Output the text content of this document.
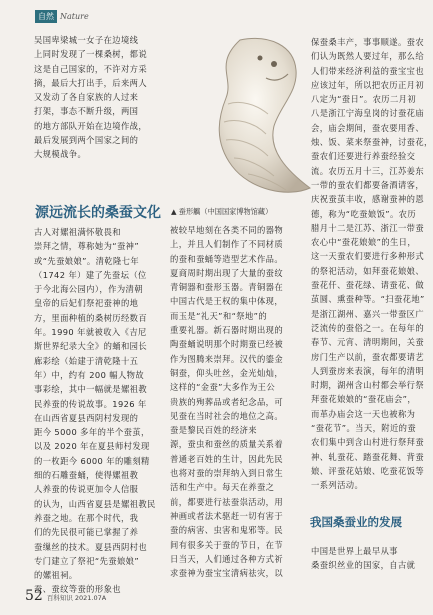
自然 Nature
吴国卑梁城一女子在边境线
上同时发现了一棵桑树，都说
这是自己国家的，不许对方采
摘，最后大打出手，后来两人
又发动了各自家族的人过来
打架，事态不断升级，两国
的地方部队开始在边境作战，
最后发展到两个国家之间的
大规模战争。
源远流长的桑蚕文化
古人对嫘祖满怀敬畏和
崇拜之情，尊称她为“蚕神”
或“先蚕娘娘”。清乾隆七年
（1742 年）建了先蚕坛（位
于今北海公园内），作为清朝
皇帝的后妃们祭祀蚕神的地
方，里面种植的桑树历经数百
年。1990 年就被收入《吉尼
斯世界纪录大全》的蛹和园长
廊彩绘（始建于清乾隆十五
年）中，约有 200 幅人物故
事彩绘，其中一幅就是嫘祖教
民养蚕的传说故事。1926 年
在山西省夏县西阴村发现的
距今 5000 多年的半个蚕茧，
以及 2020 年在夏县师村发现
的一枚距今 6000 年的雕刻精
细的石雕蚕蛹，使得嫘祖教
人养蚕的传说更加令人信服
的认为，山西省夏县是嫘祖教民
养蚕之地。在那个时代，我
们的先民很可能已掌握了养
蚕缫丝的技术。夏县西阴村也
专门建立了祭祀“先蚕娘娘”
的嫘祖祠。
蚕、蚕纹等蚕的形象也
▲ 蚕形觽（中国国家博物馆藏）
被较早地刻在各类不同的器物
上，并且人们制作了不同材质
的蚕和蚕蛹等造型艺术作品。
夏商周时期出现了大量的蚕纹
青铜器和蚕形玉器。青铜器在
中国古代是王权的集中体现，
而玉是“礼天”和“祭地”的
重要礼器。新石器时期出现的
陶蚕蛹说明那个时期蚕已经被
作为图腾来崇拜。汉代的鎏金
铜蚕，仰头吐丝，金光灿灿，
这样的“金蚕”大多作为王公
贵族的殉葬品或者纪念品，可
见蚕在当时社会的地位之高。
蚕是黎民百姓的经济来
源，蚕虫和蚕丝的质量关系着
普通老百姓的生计，因此先民
也将对蚕的崇拜纳入到日常生
活和生产中。每天在养蚕之
前，都要进行祛蚕祟活动，用
神画或者法术驱赶一切有害于
蚕的病害、虫害和鬼邪等。民
间有很多关于蚕的节日，在节
日当天，人们通过各种方式祈
求蚕神为蚕宝宝清病祛灾，以
保蚕桑丰产，事事顺遂。蚕农
们认为既然人要过年，那么给
人们带来经济利益的蚕宝宝也
应该过年，所以把农历正月初
八定为“蚕日”。农历二月初
八是浙江宁海皇岗的讨蚕花庙
会，庙会期间，蚕农要用香、
烛、饭、菜来祭蚕神，讨蚕花，
蚕农们还要进行养蚕经验交
流。农历五月十三，江苏姜东
一带的蚕农们都要备酒请客，
庆祝蚕茧丰收，感谢蚕神的恩
德，称为“吃蚕娘饭”。农历
腊月十二是江苏、浙江一带蚕
农心中“蚕花娘娘”的生日，
这一天蚕农们要进行多种形式
的祭祀活动，如拜蚕花娘娘、
蚕花仟、蚕花绿、请蚕花、做
茧圆、熏蚕种等。“扫蚕花地”
是浙江湖州、嘉兴一带蚕区广
泛流传的蚕俗之一。在每年的
春节、元宵、清明期间，关蚕
房门生产以前，蚕农都要请艺
人到蚕房来表演，每年的清明
时期，湖州含山村都会举行祭
拜蚕花娘娘的“蚕花庙会”，
而革办庙会这一天也被称为
“蚕花节”。当天，附近的蚕
农们集中到含山村进行祭拜蚕
神、轧蚕花、踏蚕花舞、背蚕
娘、评蚕花姑娘、吃蚕花饭等
一系列活动。
我国桑蚕业的发展
中国是世界上最早从事
桑蚕织丝业的国家，自古就
52 百科知识 2021.07A
